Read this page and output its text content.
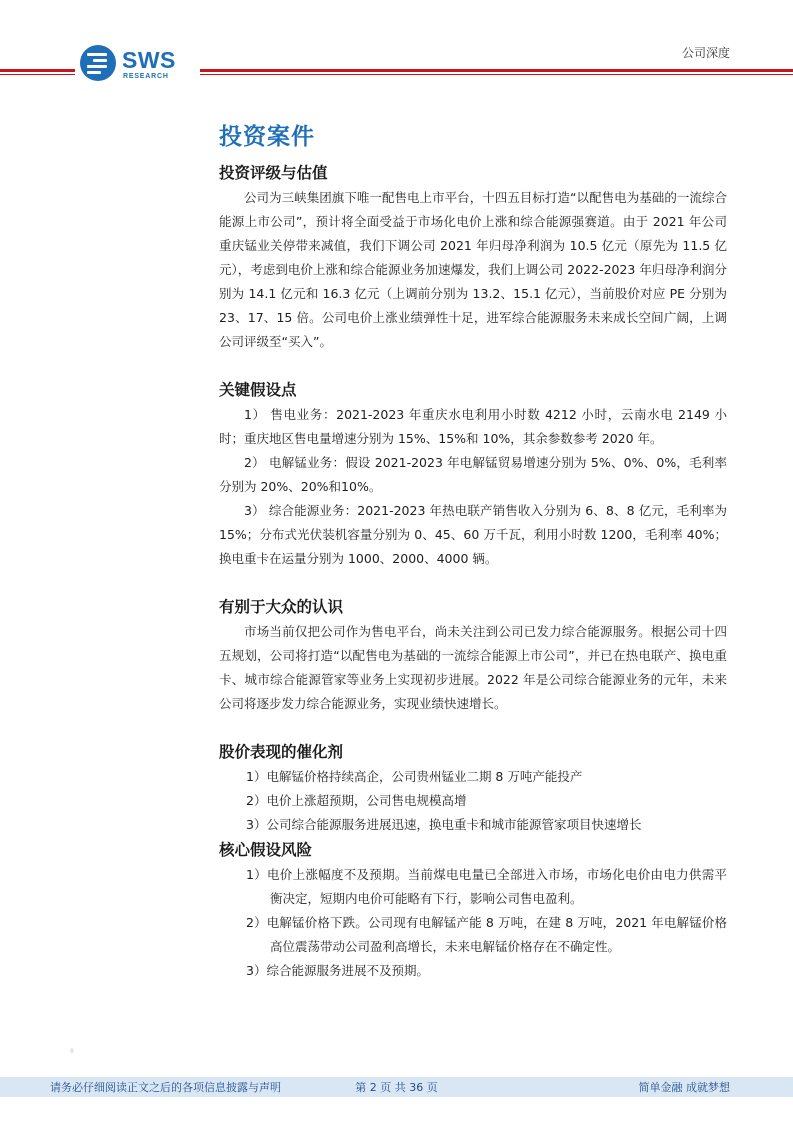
SWS
RESEARCH
公司深度
投资案件
投资评级与估值

公司为三峡集团旗下唯一配售电上市平台，十四五目标打造“以配售电为基础的一流综合能源上市公司”，预计将全面受益于市场化电价上涨和综合能源强赛道。由于 2021 年公司重庆锰业关停带来减值，我们下调公司 2021 年归母净利润为 10.5 亿元（原先为 11.5 亿元），考虑到电价上涨和综合能源业务加速爆发，我们上调公司 2022-2023 年归母净利润分别为 14.1 亿元和 16.3 亿元（上调前分别为 13.2、15.1 亿元），当前股价对应 PE 分别为 23、17、15 倍。公司电价上涨业绩弹性十足，进军综合能源服务未来成长空间广阔，上调公司评级至“买入”。

关键假设点

1） 售电业务：2021-2023 年重庆水电利用小时数 4212 小时，云南水电 2149 小时；重庆地区售电量增速分别为 15%、15%和 10%，其余参数参考 2020 年。

2） 电解锰业务：假设 2021-2023 年电解锰贸易增速分别为 5%、0%、0%，毛利率分别为 20%、20%和10%。

3） 综合能源业务：2021-2023 年热电联产销售收入分别为 6、8、8 亿元，毛利率为 15%；分布式光伏装机容量分别为 0、45、60 万千瓦，利用小时数 1200，毛利率 40%；换电重卡在运量分别为 1000、2000、4000 辆。

有别于大众的认识

市场当前仅把公司作为售电平台，尚未关注到公司已发力综合能源服务。根据公司十四五规划，公司将打造“以配售电为基础的一流综合能源上市公司”，并已在热电联产、换电重卡、城市综合能源管家等业务上实现初步进展。2022 年是公司综合能源业务的元年，未来公司将逐步发力综合能源业务，实现业绩快速增长。

股价表现的催化剂

1）电解锰价格持续高企，公司贵州锰业二期 8 万吨产能投产

2）电价上涨超预期，公司售电规模高增

3）公司综合能源服务进展迅速，换电重卡和城市能源管家项目快速增长

核心假设风险

1）电价上涨幅度不及预期。当前煤电电量已全部进入市场，市场化电价由电力供需平衡决定，短期内电价可能略有下行，影响公司售电盈利。

2）电解锰价格下跌。公司现有电解锰产能 8 万吨，在建 8 万吨，2021 年电解锰价格高位震荡带动公司盈利高增长，未来电解锰价格存在不确定性。

3）综合能源服务进展不及预期。

8
请务必仔细阅读正文之后的各项信息披露与声明	第 2 页 共 36 页	简单金融 成就梦想
